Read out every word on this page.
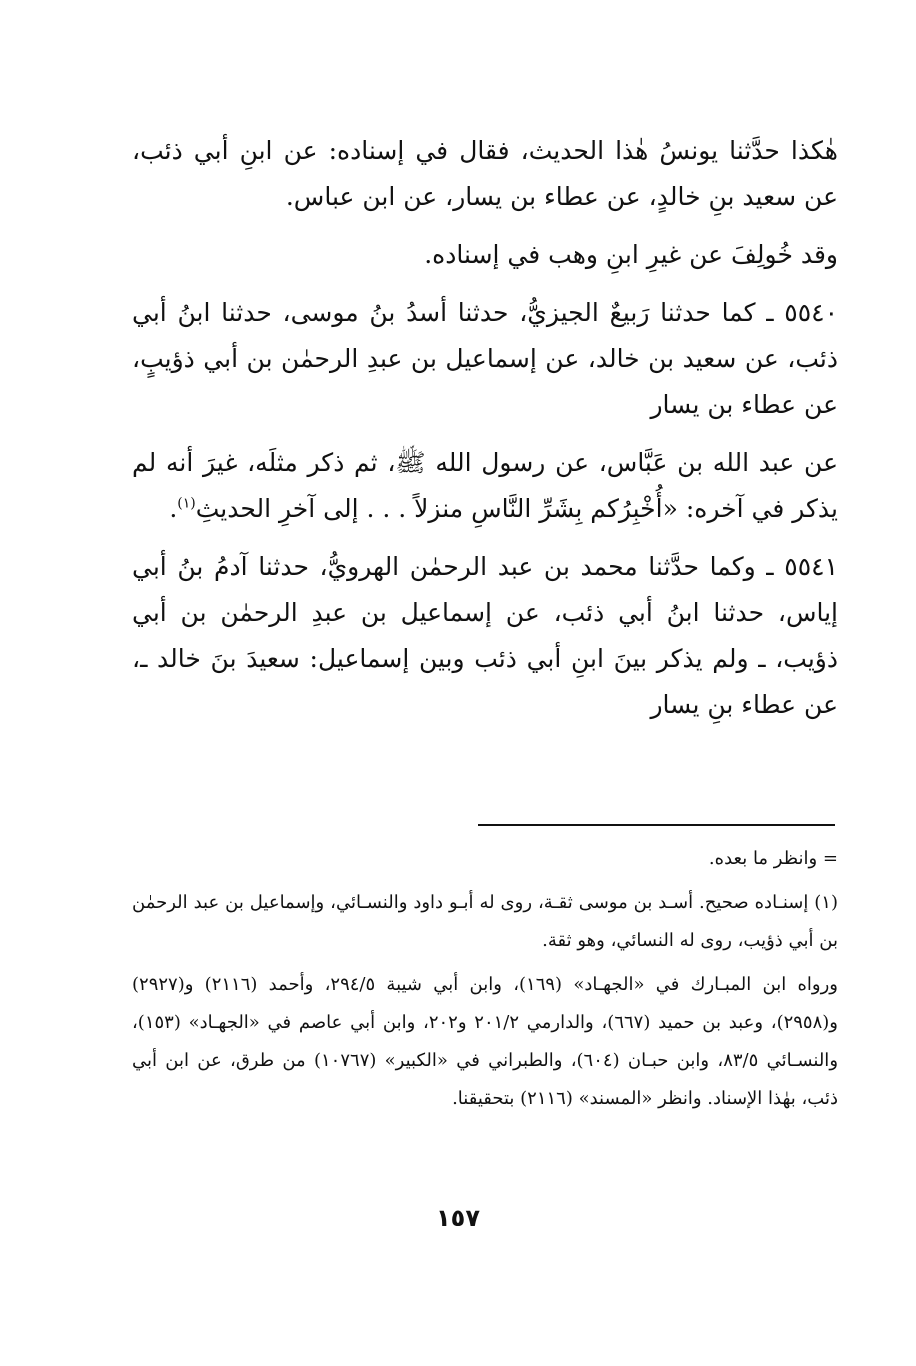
هٰكذا حدَّثنا يونسُ هٰذا الحديث، فقال في إسناده: عن ابنِ أبي ذئب، عن سعيد بنِ خالدٍ، عن عطاء بن يسار، عن ابن عباس.

وقد خُولِفَ عن غيرِ ابنِ وهب في إسناده.

٥٥٤٠ ـ كما حدثنا رَبيعٌ الجيزيُّ، حدثنا أسدُ بنُ موسى، حدثنا ابنُ أبي ذئب، عن سعيد بن خالد، عن إسماعيل بن عبدِ الرحمٰن بن أبي ذؤيبٍ، عن عطاء بن يسار

عن عبد الله بن عَبَّاس، عن رسول الله ﷺ، ثم ذكر مثلَه، غيرَ أنه لم يذكر في آخره: «أُخْبِرُكم بِشَرِّ النَّاسِ منزلاً . . . إلى آخرِ الحديثِ$^{(١)}$.

٥٥٤١ ـ وكما حدَّثنا محمد بن عبد الرحمٰن الهرويُّ، حدثنا آدمُ بنُ أبي إياس، حدثنا ابنُ أبي ذئب، عن إسماعيل بن عبدِ الرحمٰن بن أبي ذؤيب، ـ ولم يذكر بينَ ابنِ أبي ذئب وبين إسماعيل: سعيدَ بنَ خالد ـ، عن عطاء بنِ يسار

= وانظر ما بعده.

(١) إسنـاده صحيح. أسـد بن موسى ثقـة، روى له أبـو داود والنسـائي، وإسماعيل بن عبد الرحمٰن بن أبي ذؤيب، روى له النسائي، وهو ثقة.

ورواه ابن المبـارك في «الجهـاد» (١٦٩)، وابن أبي شيبة ٢٩٤/٥، وأحمد (٢١١٦) و(٢٩٢٧) و(٢٩٥٨)، وعبد بن حميد (٦٦٧)، والدارمي ٢٠١/٢ و٢٠٢، وابن أبي عاصم في «الجهـاد» (١٥٣)، والنسـائي ٨٣/٥، وابن حبـان (٦٠٤)، والطبراني في «الكبير» (١٠٧٦٧) من طرق، عن ابن أبي ذئب، بهٰذا الإسناد. وانظر «المسند» (٢١١٦) بتحقيقنا.

١٥٧
